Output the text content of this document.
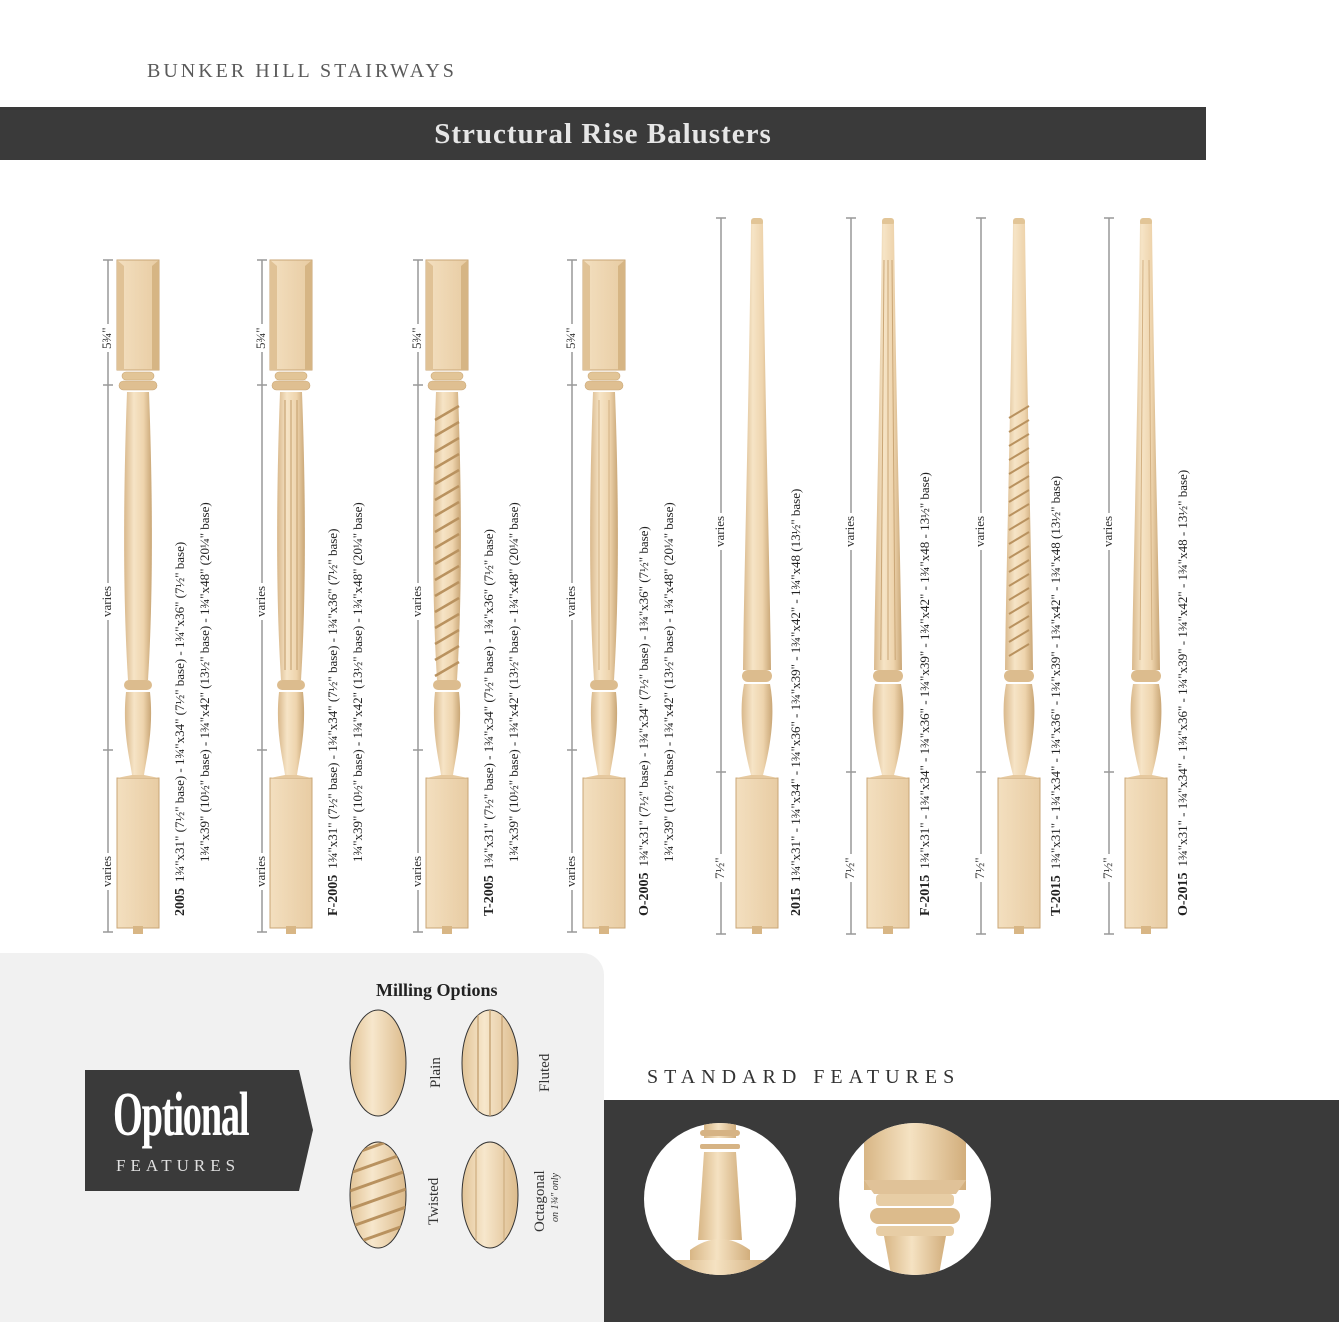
BUNKER HILL STAIRWAYS
Structural Rise Balusters
5¾"
varies
varies
20051¾"x31" (7½" base) - 1¾"x34" (7½" base) - 1¾"x36" (7½" base) 1¾"x39" (10½" base) - 1¾"x42" (13½" base) - 1¾"x48" (20¼" base)
5¾"
varies
varies
F-20051¾"x31" (7½" base) - 1¾"x34" (7½" base) - 1¾"x36" (7½" base) 1¾"x39" (10½" base) - 1¾"x42" (13½" base) - 1¾"x48" (20¼" base)
5¾"
varies
varies
T-20051¾"x31" (7½" base) - 1¾"x34" (7½" base) - 1¾"x36" (7½" base) 1¾"x39" (10½" base) - 1¾"x42" (13½" base) - 1¾"x48" (20¼" base)
5¾"
varies
varies
O-20051¾"x31" (7½" base) - 1¾"x34" (7½" base) - 1¾"x36" (7½" base) 1¾"x39" (10½" base) - 1¾"x42" (13½" base) - 1¾"x48" (20¼" base)	varies
7½"
20151¾"x31" - 1¾"x34" - 1¾"x36" - 1¾"x39" - 1¾"x42" - 1¾"x48 (13½" base)	varies
7½"
F-20151¾"x31" - 1¾"x34" - 1¾"x36" - 1¾"x39" - 1¾"x42" - 1¾"x48 - 13½" base)	varies
7½"
T-20151¾"x31" - 1¾"x34" - 1¾"x36" - 1¾"x39" - 1¾"x42" - 1¾"x48 (13½" base)	varies
7½"
O-20151¾"x31" - 1¾"x34" - 1¾"x36" - 1¾"x39" - 1¾"x42" - 1¾"x48 - 13½" base)
Optional
FEATURES
Milling Options
Plain	Fluted
Twisted	Octagonal on 1¾" only
STANDARD FEATURES
